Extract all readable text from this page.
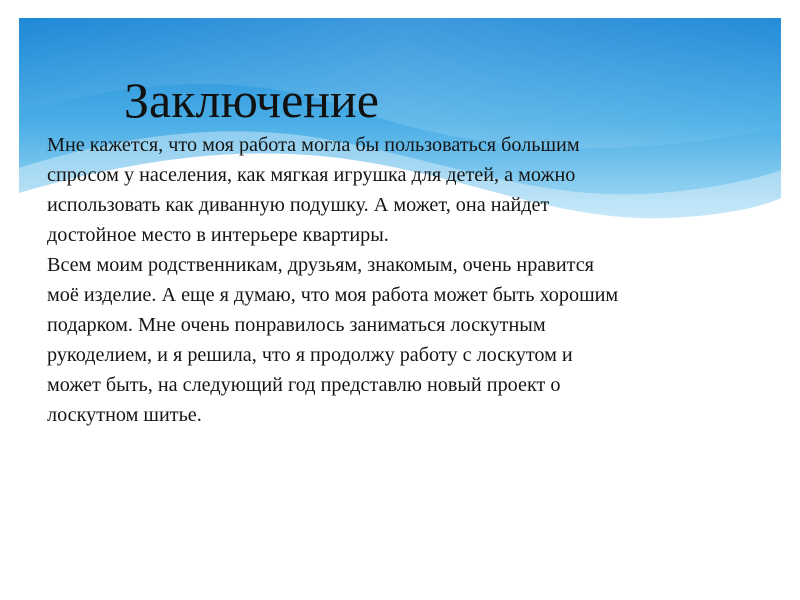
Заключение

Мне кажется, что моя работа могла бы пользоваться большим

спросом у населения, как мягкая игрушка для детей, а можно

использовать как диванную подушку. А может, она найдет

достойное место в интерьере квартиры.

Всем моим родственникам, друзьям, знакомым, очень нравится

моё изделие. А еще я думаю, что моя работа может быть хорошим

подарком. Мне очень понравилось заниматься лоскутным

рукоделием, и я решила, что я продолжу работу с лоскутом и

может быть, на следующий год представлю новый проект о

лоскутном шитье.
